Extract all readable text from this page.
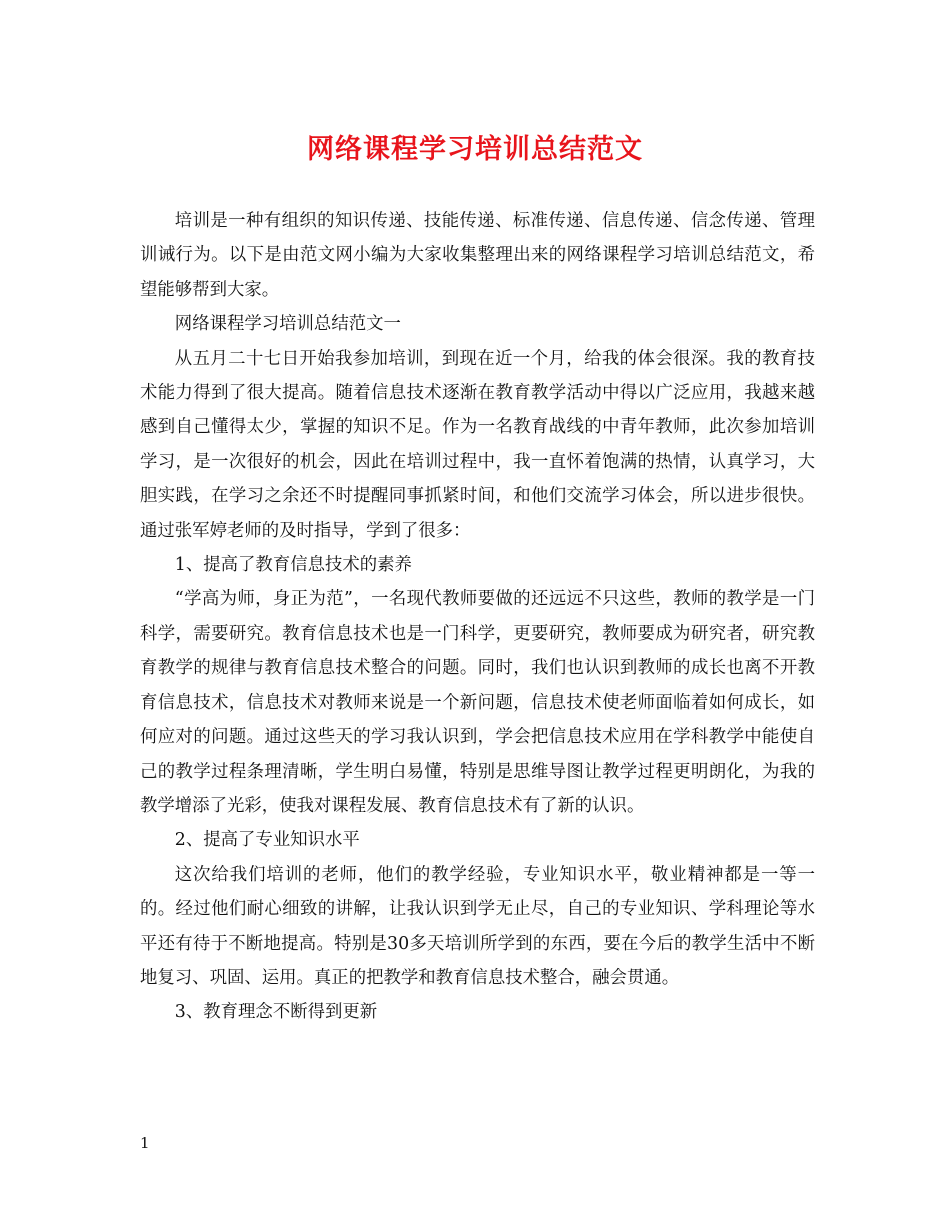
网络课程学习培训总结范文

培训是一种有组织的知识传递、技能传递、标准传递、信息传递、信念传递、管理训诫行为。以下是由范文网小编为大家收集整理出来的网络课程学习培训总结范文，希望能够帮到大家。

网络课程学习培训总结范文一

从五月二十七日开始我参加培训，到现在近一个月，给我的体会很深。我的教育技术能力得到了很大提高。随着信息技术逐渐在教育教学活动中得以广泛应用，我越来越感到自己懂得太少，掌握的知识不足。作为一名教育战线的中青年教师，此次参加培训学习，是一次很好的机会，因此在培训过程中，我一直怀着饱满的热情，认真学习，大胆实践，在学习之余还不时提醒同事抓紧时间，和他们交流学习体会，所以进步很快。通过张军婷老师的及时指导，学到了很多：

1、提高了教育信息技术的素养

“学高为师，身正为范”，一名现代教师要做的还远远不只这些，教师的教学是一门科学，需要研究。教育信息技术也是一门科学，更要研究，教师要成为研究者，研究教育教学的规律与教育信息技术整合的问题。同时，我们也认识到教师的成长也离不开教育信息技术，信息技术对教师来说是一个新问题，信息技术使老师面临着如何成长，如何应对的问题。通过这些天的学习我认识到，学会把信息技术应用在学科教学中能使自己的教学过程条理清晰，学生明白易懂，特别是思维导图让教学过程更明朗化，为我的教学增添了光彩，使我对课程发展、教育信息技术有了新的认识。

2、提高了专业知识水平

这次给我们培训的老师，他们的教学经验，专业知识水平，敬业精神都是一等一的。经过他们耐心细致的讲解，让我认识到学无止尽，自己的专业知识、学科理论等水平还有待于不断地提高。特别是30多天培训所学到的东西，要在今后的教学生活中不断地复习、巩固、运用。真正的把教学和教育信息技术整合，融会贯通。

3、教育理念不断得到更新

1
